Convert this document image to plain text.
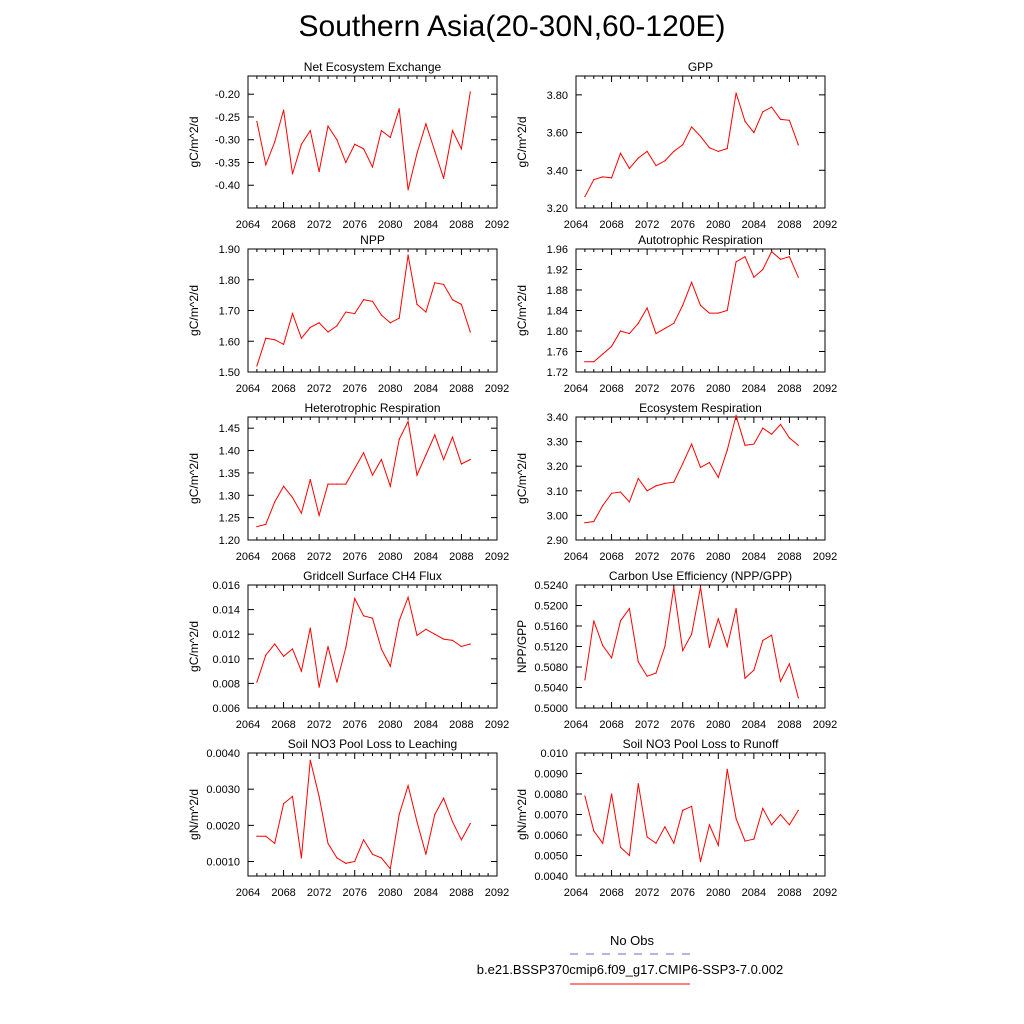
Southern Asia(20-30N,60-120E)
Net Ecosystem Exchange
gC/m^2/d
2064 2068 2072 2076 2080 2084 2088 2092
-0.40
-0.35
-0.30
-0.25
-0.20
GPP
gC/m^2/d
2064 2068 2072 2076 2080 2084 2088 2092
3.20
3.40
3.60
3.80
NPP
gC/m^2/d
2064 2068 2072 2076 2080 2084 2088 2092
1.50
1.60
1.70
1.80
1.90
Autotrophic Respiration
gC/m^2/d
2064 2068 2072 2076 2080 2084 2088 2092
1.72
1.76
1.80
1.84
1.88
1.92
1.96
Heterotrophic Respiration
gC/m^2/d
2064 2068 2072 2076 2080 2084 2088 2092
1.20
1.25
1.30
1.35
1.40
1.45
Ecosystem Respiration
gC/m^2/d
2064 2068 2072 2076 2080 2084 2088 2092
2.90
3.00
3.10
3.20
3.30
3.40
Gridcell Surface CH4 Flux
gC/m^2/d
2064 2068 2072 2076 2080 2084 2088 2092
0.006
0.008
0.010
0.012
0.014
0.016
Carbon Use Efficiency (NPP/GPP)
NPP/GPP
2064 2068 2072 2076 2080 2084 2088 2092
0.5000
0.5040
0.5080
0.5120
0.5160
0.5200
0.5240
Soil NO3 Pool Loss to Leaching
gN/m^2/d
2064 2068 2072 2076 2080 2084 2088 2092
0.0010
0.0020
0.0030
0.0040
Soil NO3 Pool Loss to Runoff
gN/m^2/d
2064 2068 2072 2076 2080 2084 2088 2092
0.0040
0.0050
0.0060
0.0070
0.0080
0.0090
0.010
No Obs
b.e21.BSSP370cmip6.f09_g17.CMIP6-SSP3-7.0.002
